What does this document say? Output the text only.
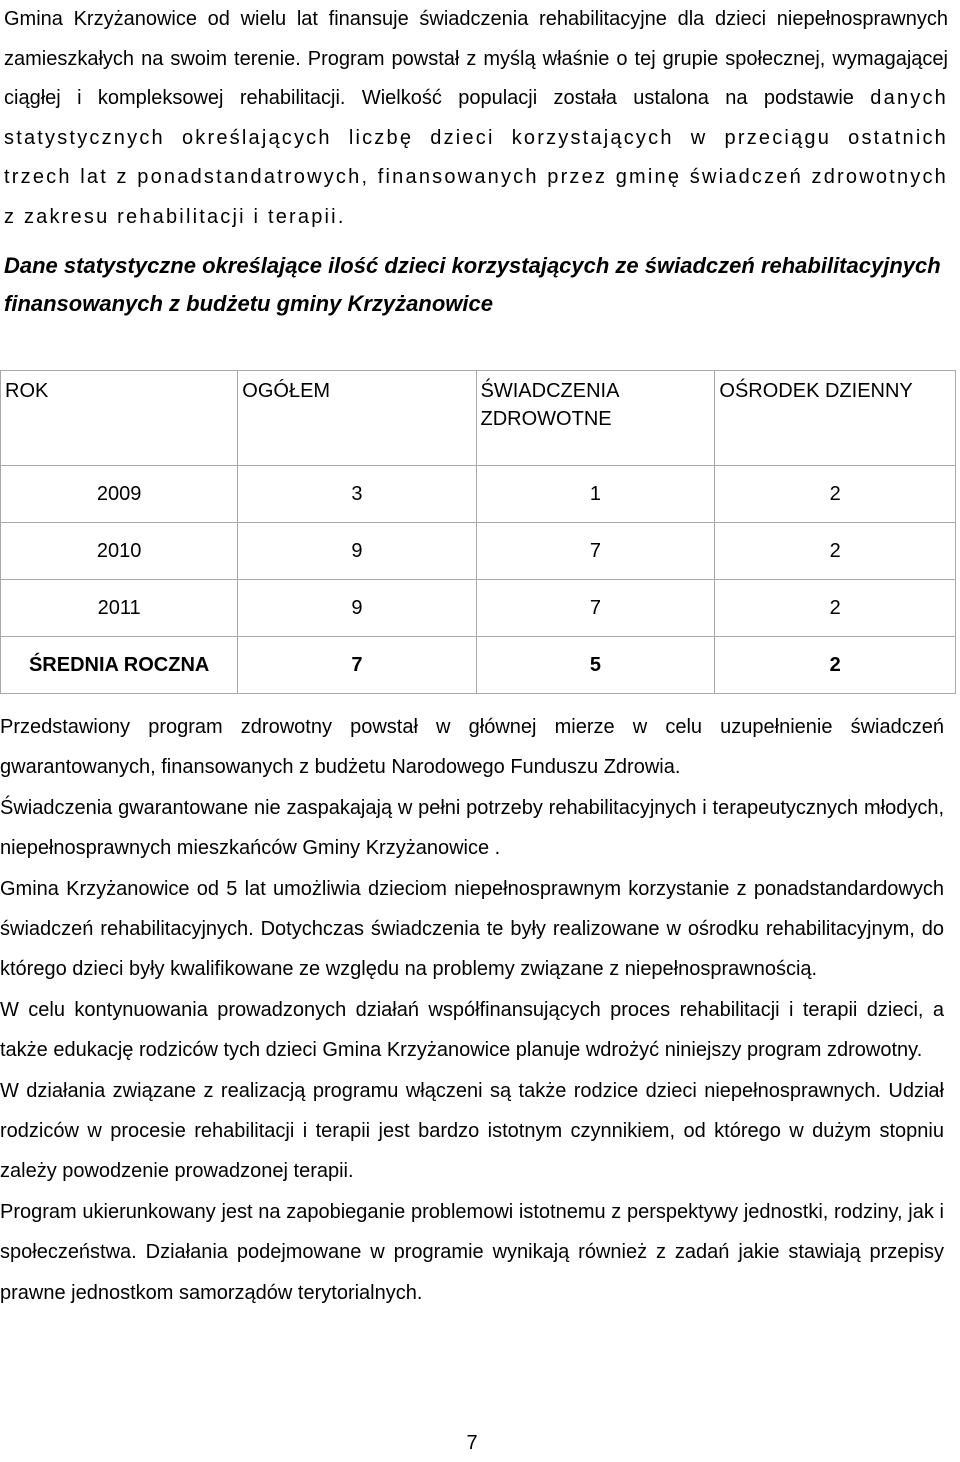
Gmina Krzyżanowice od wielu lat finansuje świadczenia rehabilitacyjne dla dzieci niepełnosprawnych zamieszkałych na swoim terenie. Program powstał z myślą właśnie o tej grupie społecznej, wymagającej ciągłej i kompleksowej rehabilitacji. Wielkość populacji została ustalona na podstawie danych statystycznych określających liczbę dzieci korzystających w przeciągu ostatnich trzech lat z ponadstandatrowych, finansowanych przez gminę świadczeń zdrowotnych z zakresu rehabilitacji i terapii.

Dane statystyczne określające ilość dzieci korzystających ze świadczeń rehabilitacyjnych finansowanych z budżetu gminy Krzyżanowice

ROK	OGÓŁEM	ŚWIADCZENIA ZDROWOTNE	OŚRODEK DZIENNY
2009	3	1	2
2010	9	7	2
2011	9	7	2
ŚREDNIA ROCZNA	7	5	2

Przedstawiony program zdrowotny powstał w głównej mierze w celu uzupełnienie świadczeń gwarantowanych, finansowanych z budżetu Narodowego Funduszu Zdrowia.

Świadczenia gwarantowane nie zaspakajają w pełni potrzeby rehabilitacyjnych i terapeutycznych młodych, niepełnosprawnych mieszkańców Gminy Krzyżanowice .

Gmina Krzyżanowice od 5 lat umożliwia dzieciom niepełnosprawnym korzystanie z ponadstandardowych świadczeń rehabilitacyjnych. Dotychczas świadczenia te były realizowane w ośrodku rehabilitacyjnym, do którego dzieci były kwalifikowane ze względu na problemy związane z niepełnosprawnością.

W celu kontynuowania prowadzonych działań współfinansujących proces rehabilitacji i terapii dzieci, a także edukację rodziców tych dzieci Gmina Krzyżanowice planuje wdrożyć niniejszy program zdrowotny.

W działania związane z realizacją programu włączeni są także rodzice dzieci niepełnosprawnych. Udział rodziców w procesie rehabilitacji i terapii jest bardzo istotnym czynnikiem, od którego w dużym stopniu zależy powodzenie prowadzonej terapii.

Program ukierunkowany jest na zapobieganie problemowi istotnemu z perspektywy jednostki, rodziny, jak i społeczeństwa. Działania podejmowane w programie wynikają również z zadań jakie stawiają przepisy prawne jednostkom samorządów terytorialnych.

7
